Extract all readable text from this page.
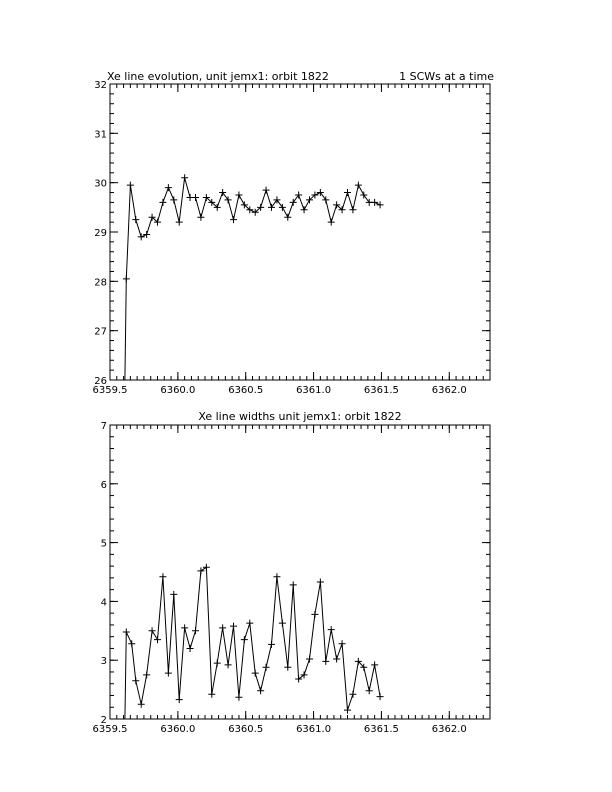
Xe line evolution, unit jemx1: orbit 1822	1 SCWs at a time
6359.5	6360.0	6360.5	6361.0	6361.5	6362.0
26
27
28
29
30
31
32
Xe line widths unit jemx1: orbit 1822
6359.5	6360.0	6360.5	6361.0	6361.5	6362.0
2
3
4
5
6
7
